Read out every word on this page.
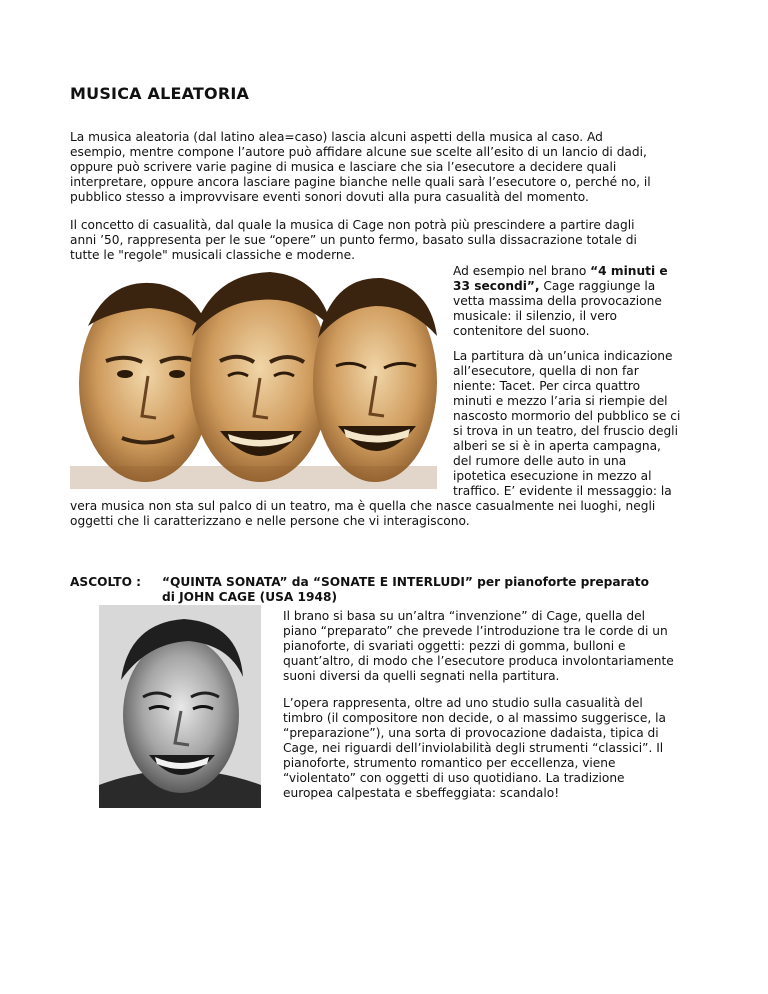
MUSICA ALEATORIA

La musica aleatoria (dal latino alea=caso) lascia alcuni aspetti della musica al caso. Ad
esempio, mentre compone l’autore può affidare alcune sue scelte all’esito di un lancio di dadi,
oppure può scrivere varie pagine di musica e lasciare che sia l’esecutore a decidere quali
interpretare, oppure ancora lasciare pagine bianche nelle quali sarà l’esecutore o, perché no, il
pubblico stesso a improvvisare eventi sonori dovuti alla pura casualità del momento.

Il concetto di casualità, dal quale la musica di Cage non potrà più prescindere a partire dagli
anni ’50, rappresenta per le sue “opere” un punto fermo, basato sulla dissacrazione totale di
tutte le "regole" musicali classiche e moderne.

Ad esempio nel brano “4 minuti e
33 secondi”, Cage raggiunge la
vetta massima della provocazione
musicale: il silenzio, il vero
contenitore del suono.

La partitura dà un’unica indicazione
all’esecutore, quella di non far
niente: Tacet. Per circa quattro
minuti e mezzo l’aria si riempie del
nascosto mormorio del pubblico se ci
si trova in un teatro, del fruscio degli
alberi se si è in aperta campagna,
del rumore delle auto in una
ipotetica esecuzione in mezzo al
traffico. E’ evidente il messaggio: la

vera musica non sta sul palco di un teatro, ma è quella che nasce casualmente nei luoghi, negli
oggetti che li caratterizzano e nelle persone che vi interagiscono.

ASCOLTO : “QUINTA SONATA” da “SONATE E INTERLUDI” per pianoforte preparato
di JOHN CAGE (USA 1948)

Il brano si basa su un’altra “invenzione” di Cage, quella del
piano “preparato” che prevede l’introduzione tra le corde di un
pianoforte, di svariati oggetti: pezzi di gomma, bulloni e
quant’altro, di modo che l’esecutore produca involontariamente
suoni diversi da quelli segnati nella partitura.

L’opera rappresenta, oltre ad uno studio sulla casualità del
timbro (il compositore non decide, o al massimo suggerisce, la
“preparazione”), una sorta di provocazione dadaista, tipica di
Cage, nei riguardi dell’inviolabilità degli strumenti “classici”. Il
pianoforte, strumento romantico per eccellenza, viene
“violentato” con oggetti di uso quotidiano. La tradizione
europea calpestata e sbeffeggiata: scandalo!
